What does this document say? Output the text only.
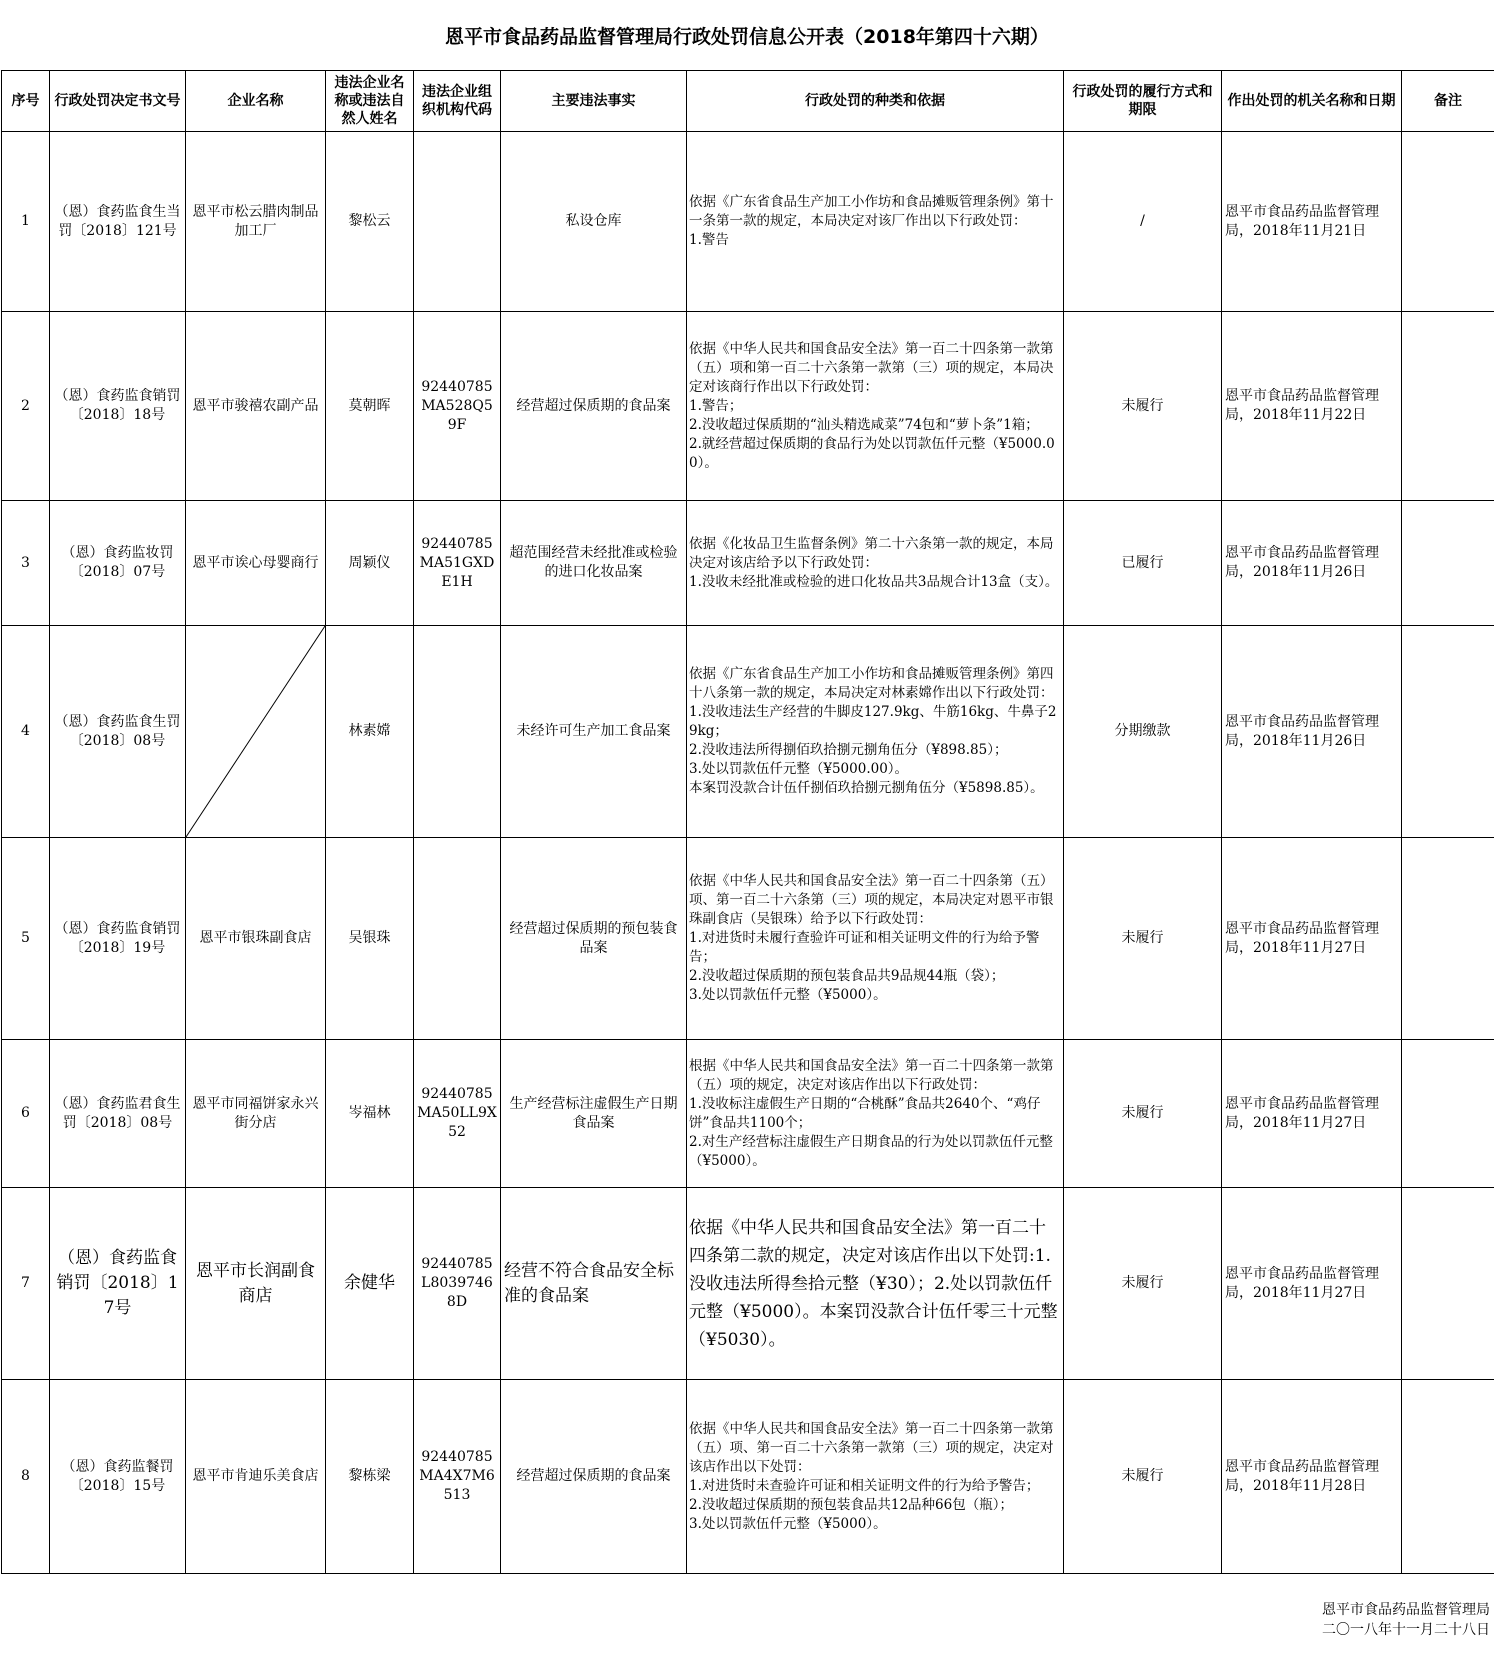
恩平市食品药品监督管理局行政处罚信息公开表（2018年第四十六期）
序号	行政处罚决定书文号	企业名称	违法企业名称或违法自然人姓名	违法企业组织机构代码	主要违法事实	行政处罚的种类和依据	行政处罚的履行方式和期限	作出处罚的机关名称和日期	备注
1	（恩）食药监食生当罚〔2018〕121号	恩平市松云腊肉制品加工厂	黎松云		私设仓库	依据《广东省食品生产加工小作坊和食品摊贩管理条例》第十一条第一款的规定，本局决定对该厂作出以下行政处罚：
1.警告	/	恩平市食品药品监督管理局，2018年11月21日	
2	（恩）食药监食销罚〔2018〕18号	恩平市骏禧农副产品	莫朝晖	92440785MA528Q59F	经营超过保质期的食品案	依据《中华人民共和国食品安全法》第一百二十四条第一款第（五）项和第一百二十六条第一款第（三）项的规定，本局决定对该商行作出以下行政处罚：
1.警告；
2.没收超过保质期的“汕头精选咸菜”74包和“萝卜条”1箱；
2.就经营超过保质期的食品行为处以罚款伍仟元整（¥5000.00）。	未履行	恩平市食品药品监督管理局，2018年11月22日	
3	（恩）食药监妆罚〔2018〕07号	恩平市诶心母婴商行	周颖仪	92440785MA51GXDE1H	超范围经营未经批准或检验的进口化妆品案	依据《化妆品卫生监督条例》第二十六条第一款的规定，本局决定对该店给予以下行政处罚：
1.没收未经批准或检验的进口化妆品共3品规合计13盒（支）。	已履行	恩平市食品药品监督管理局，2018年11月26日	
4	（恩）食药监食生罚〔2018〕08号		林素嫦		未经许可生产加工食品案	依据《广东省食品生产加工小作坊和食品摊贩管理条例》第四十八条第一款的规定，本局决定对林素嫦作出以下行政处罚：
1.没收违法生产经营的牛脚皮127.9kg、牛筋16kg、牛鼻子29kg；
2.没收违法所得捌佰玖拾捌元捌角伍分（¥898.85）；
3.处以罚款伍仟元整（¥5000.00）。
本案罚没款合计伍仟捌佰玖拾捌元捌角伍分（¥5898.85）。	分期缴款	恩平市食品药品监督管理局，2018年11月26日	
5	（恩）食药监食销罚〔2018〕19号	恩平市银珠副食店	吴银珠		经营超过保质期的预包装食品案	依据《中华人民共和国食品安全法》第一百二十四条第（五）项、第一百二十六条第（三）项的规定，本局决定对恩平市银珠副食店（吴银珠）给予以下行政处罚：
1.对进货时未履行查验许可证和相关证明文件的行为给予警告；
2.没收超过保质期的预包装食品共9品规44瓶（袋）；
3.处以罚款伍仟元整（¥5000）。	未履行	恩平市食品药品监督管理局，2018年11月27日	
6	（恩）食药监君食生罚〔2018〕08号	恩平市同福饼家永兴街分店	岑福林	92440785MA50LL9X52	生产经营标注虚假生产日期食品案	根据《中华人民共和国食品安全法》第一百二十四条第一款第（五）项的规定，决定对该店作出以下行政处罚：
1.没收标注虚假生产日期的“合桃酥”食品共2640个、“鸡仔饼”食品共1100个；
2.对生产经营标注虚假生产日期食品的行为处以罚款伍仟元整（¥5000）。	未履行	恩平市食品药品监督管理局，2018年11月27日	
7	（恩）食药监食销罚〔2018〕17号	恩平市长润副食商店	余健华	92440785L80397468D	经营不符合食品安全标准的食品案	依据《中华人民共和国食品安全法》第一百二十四条第二款的规定，决定对该店作出以下处罚:1.没收违法所得叁拾元整（¥30）；2.处以罚款伍仟元整（¥5000）。本案罚没款合计伍仟零三十元整（¥5030）。	未履行	恩平市食品药品监督管理局，2018年11月27日	
8	（恩）食药监餐罚〔2018〕15号	恩平市肯迪乐美食店	黎栋梁	92440785MA4X7M6513	经营超过保质期的食品案	依据《中华人民共和国食品安全法》第一百二十四条第一款第（五）项、第一百二十六条第一款第（三）项的规定，决定对该店作出以下处罚：
1.对进货时未查验许可证和相关证明文件的行为给予警告；
2.没收超过保质期的预包装食品共12品种66包（瓶）；
3.处以罚款伍仟元整（¥5000）。	未履行	恩平市食品药品监督管理局，2018年11月28日	
恩平市食品药品监督管理局
二〇一八年十一月二十八日
